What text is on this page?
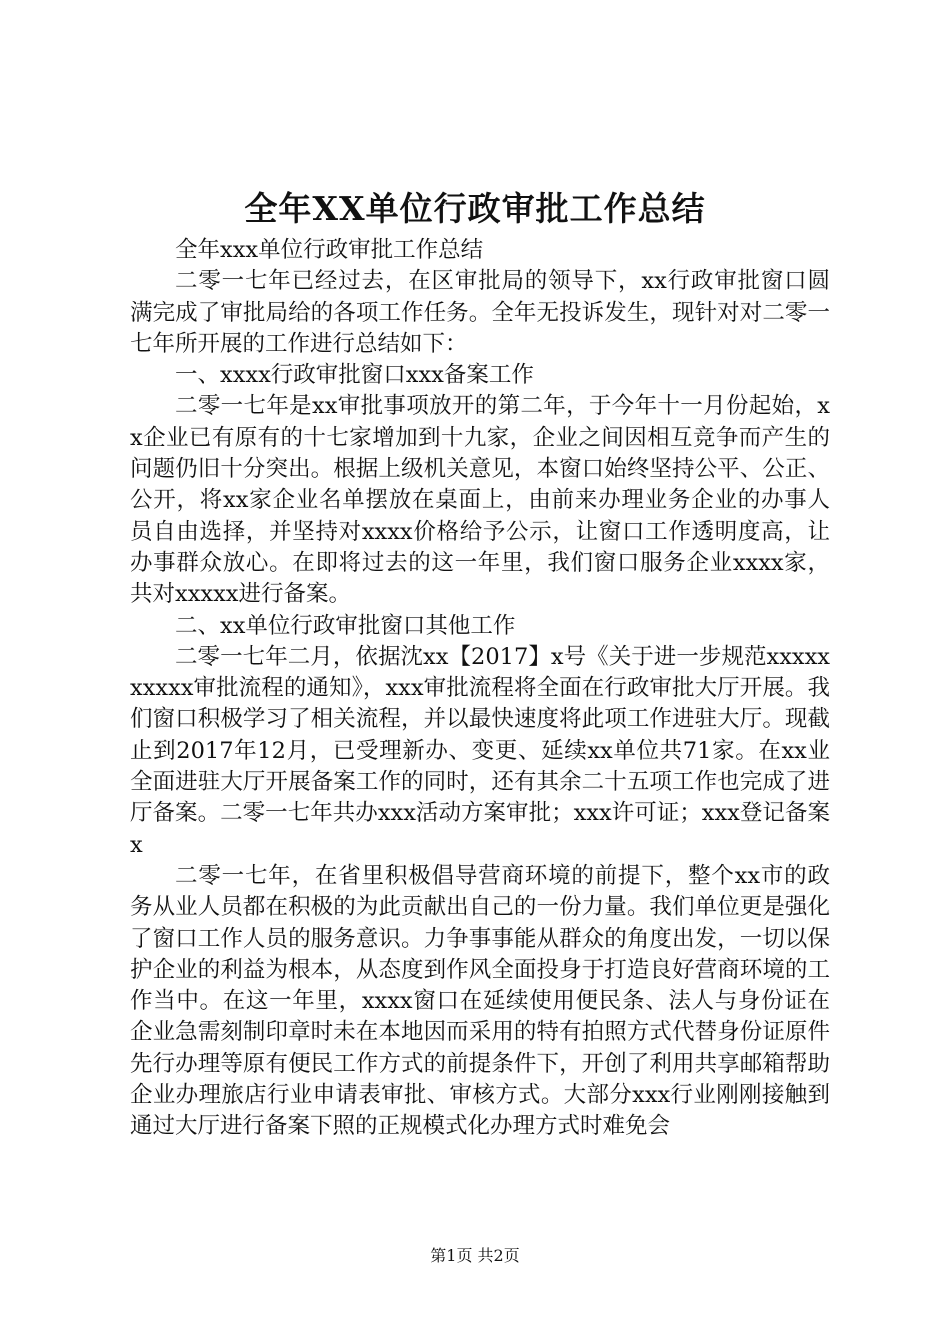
全年XX单位行政审批工作总结

全年xxx单位行政审批工作总结

二零一七年已经过去，在区审批局的领导下，xx行政审批窗口圆满完成了审批局给的各项工作任务。全年无投诉发生，现针对对二零一七年所开展的工作进行总结如下：

一、xxxx行政审批窗口xxx备案工作

二零一七年是xx审批事项放开的第二年，于今年十一月份起始，xx企业已有原有的十七家增加到十九家，企业之间因相互竞争而产生的问题仍旧十分突出。根据上级机关意见，本窗口始终坚持公平、公正、公开，将xx家企业名单摆放在桌面上，由前来办理业务企业的办事人员自由选择，并坚持对xxxx价格给予公示，让窗口工作透明度高，让办事群众放心。在即将过去的这一年里，我们窗口服务企业xxxx家，共对xxxxx进行备案。

二、xx单位行政审批窗口其他工作

二零一七年二月，依据沈xx【2017】x号《关于进一步规范xxxxxxxxxx审批流程的通知》，xxx审批流程将全面在行政审批大厅开展。我们窗口积极学习了相关流程，并以最快速度将此项工作进驻大厅。现截止到2017年12月，已受理新办、变更、延续xx单位共71家。在xx业全面进驻大厅开展备案工作的同时，还有其余二十五项工作也完成了进厅备案。二零一七年共办xxx活动方案审批；xxx许可证；xxx登记备案x

二零一七年，在省里积极倡导营商环境的前提下，整个xx市的政务从业人员都在积极的为此贡献出自己的一份力量。我们单位更是强化了窗口工作人员的服务意识。力争事事能从群众的角度出发，一切以保护企业的利益为根本，从态度到作风全面投身于打造良好营商环境的工作当中。在这一年里，xxxx窗口在延续使用便民条、法人与身份证在企业急需刻制印章时未在本地因而采用的特有拍照方式代替身份证原件先行办理等原有便民工作方式的前提条件下，开创了利用共享邮箱帮助企业办理旅店行业申请表审批、审核方式。大部分xxx行业刚刚接触到通过大厅进行备案下照的正规模式化办理方式时难免会

第1页 共2页
